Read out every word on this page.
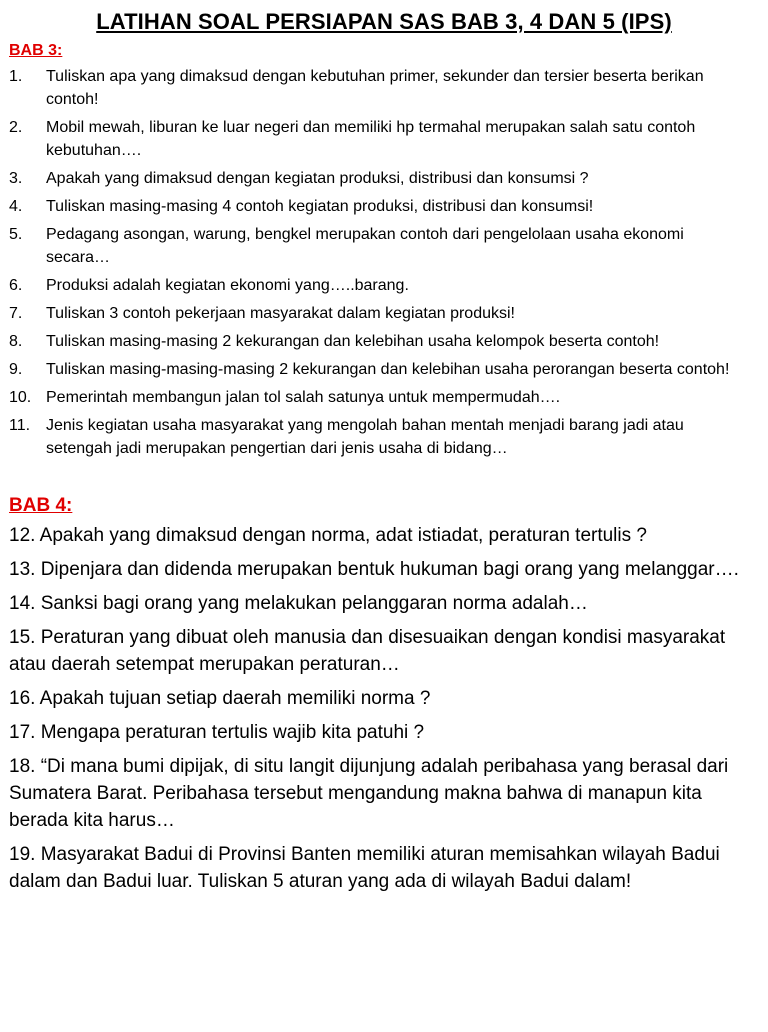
LATIHAN SOAL PERSIAPAN SAS BAB 3, 4 DAN 5 (IPS)
BAB 3:
1.	Tuliskan apa yang dimaksud dengan kebutuhan primer, sekunder dan tersier beserta berikan contoh!
2.	Mobil mewah, liburan ke luar negeri dan memiliki hp termahal merupakan salah satu contoh kebutuhan….
3.	Apakah yang dimaksud dengan kegiatan produksi, distribusi dan konsumsi ?
4.	Tuliskan masing-masing 4 contoh kegiatan produksi, distribusi dan konsumsi!
5.	Pedagang asongan, warung, bengkel merupakan contoh dari pengelolaan usaha ekonomi secara…
6.	Produksi adalah kegiatan ekonomi yang…..barang.
7.	Tuliskan 3 contoh pekerjaan masyarakat dalam kegiatan produksi!
8.	Tuliskan masing-masing 2 kekurangan dan kelebihan usaha kelompok beserta contoh!
9.	Tuliskan masing-masing-masing 2 kekurangan dan kelebihan usaha perorangan beserta contoh!
10. Pemerintah membangun jalan tol salah satunya untuk mempermudah….
11. Jenis kegiatan usaha masyarakat yang mengolah bahan mentah menjadi barang jadi atau setengah jadi merupakan pengertian dari jenis usaha di bidang…
BAB 4:
12. Apakah yang dimaksud dengan norma, adat istiadat, peraturan tertulis ?
13. Dipenjara dan didenda merupakan bentuk hukuman bagi orang yang melanggar….
14. Sanksi bagi orang yang melakukan pelanggaran norma adalah…
15. Peraturan yang dibuat oleh manusia dan disesuaikan dengan kondisi masyarakat atau daerah setempat merupakan peraturan…
16. Apakah tujuan setiap daerah memiliki norma ?
17. Mengapa peraturan tertulis wajib kita patuhi ?
18. “Di mana bumi dipijak, di situ langit dijunjung adalah peribahasa yang berasal dari Sumatera Barat. Peribahasa tersebut mengandung makna bahwa di manapun kita berada kita harus…
19. Masyarakat Badui di Provinsi Banten memiliki aturan memisahkan wilayah Badui dalam dan Badui luar. Tuliskan 5 aturan yang ada di wilayah Badui dalam!
